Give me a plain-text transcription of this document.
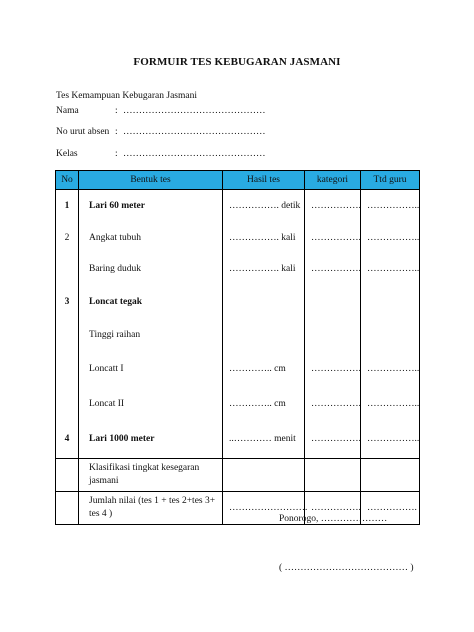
FORMUIR TES KEBUGARAN JASMANI
Tes Kemampuan Kebugaran Jasmani
Nama	: ………………………………………
No urut absen : ………………………………………
Kelas	: ………………………………………
No	Bentuk tes	Hasil tes	kategori	Ttd guru
1	Lari 60 meter	……………. detik	…………….	……………..
2	Angkat tubuh	……………. kali	…………….	……………..
	Baring duduk	……………. kali	…………….	……………..
3	Loncat tegak			
	Tinggi raihan			
	Loncatt I	………….. cm	…………….	……………..
	Loncat II	………….. cm	…………….	……………..
4	Lari 1000 meter	..………… menit	…………….	……………..
	Klasifikasi tingkat kesegaran jasmani			
	Jumlah nilai (tes 1 + tes 2+tes 3+ tes 4 )	…………………….	…………….	…………….
Ponorogo, …………………
( ………………………………… )
